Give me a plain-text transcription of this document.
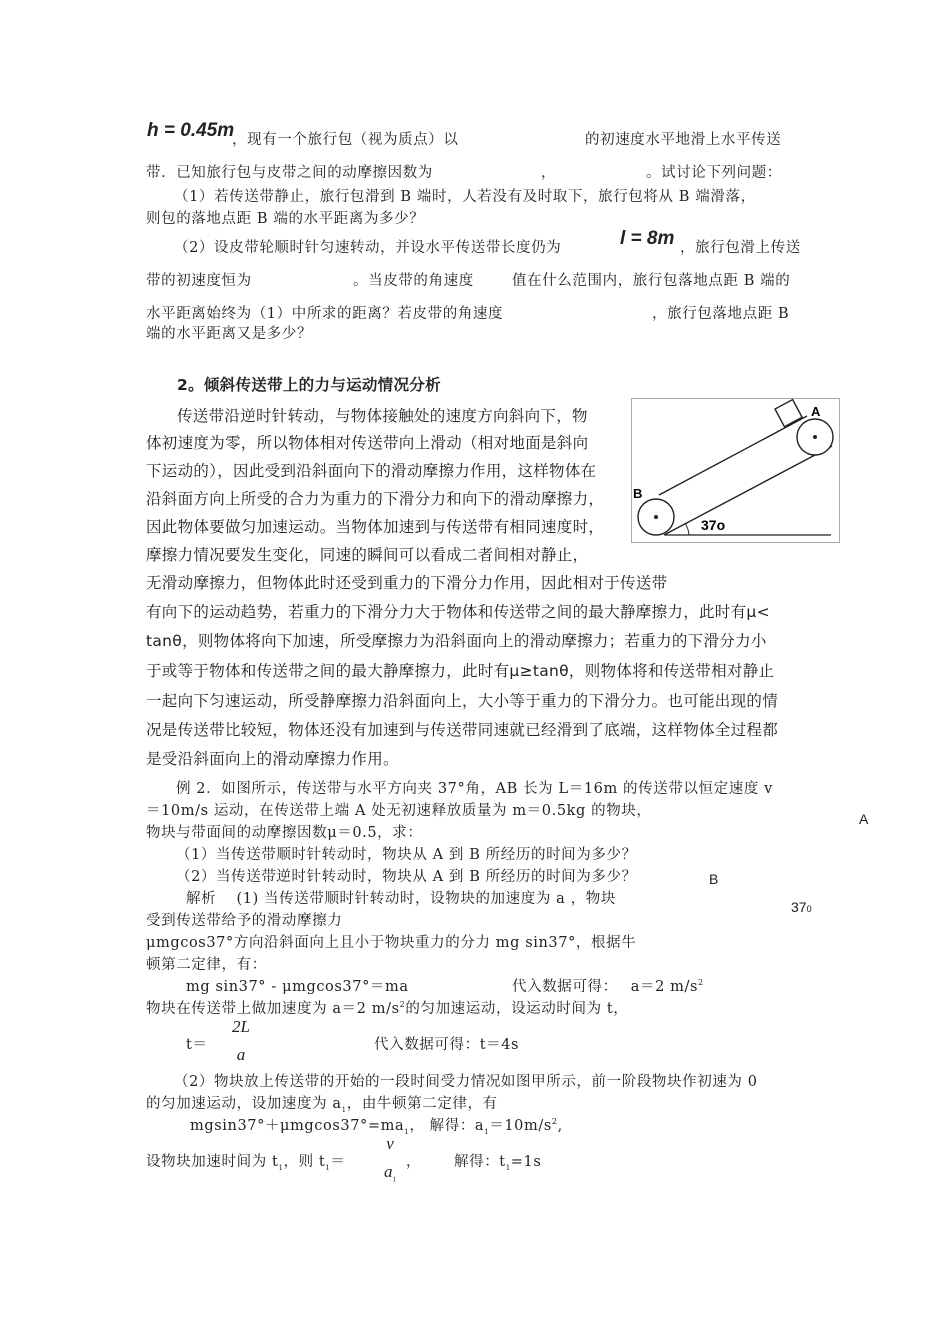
h = 0.45m
，现有一个旅行包（视为质点）以	的初速度水平地滑上水平传送
带．已知旅行包与皮带之间的动摩擦因数为	，	。试讨论下列问题：
（1）若传送带静止，旅行包滑到 B 端时，人若没有及时取下，旅行包将从 B 端滑落，
则包的落地点距 B 端的水平距离为多少？
（2）设皮带轮顺时针匀速转动，并设水平传送带长度仍为	l = 8m ，旅行包滑上传送
带的初速度恒为	。当皮带的角速度	值在什么范围内，旅行包落地点距 B 端的
水平距离始终为（1）中所求的距离？若皮带的角速度	，旅行包落地点距 B
端的水平距离又是多少？
2。倾斜传送带上的力与运动情况分析
传送带沿逆时针转动，与物体接触处的速度方向斜向下，物
体初速度为零，所以物体相对传送带向上滑动（相对地面是斜向
下运动的），因此受到沿斜面向下的滑动摩擦力作用，这样物体在
沿斜面方向上所受的合力为重力的下滑分力和向下的滑动摩擦力，
因此物体要做匀加速运动。当物体加速到与传送带有相同速度时，
摩擦力情况要发生变化，同速的瞬间可以看成二者间相对静止，
无滑动摩擦力，但物体此时还受到重力的下滑分力作用，因此相对于传送带
有向下的运动趋势，若重力的下滑分力大于物体和传送带之间的最大静摩擦力，此时有μ<
tanθ，则物体将向下加速，所受摩擦力为沿斜面向上的滑动摩擦力；若重力的下滑分力小
于或等于物体和传送带之间的最大静摩擦力，此时有μ≥tanθ，则物体将和传送带相对静止
一起向下匀速运动，所受静摩擦力沿斜面向上，大小等于重力的下滑分力。也可能出现的情
况是传送带比较短，物体还没有加速到与传送带同速就已经滑到了底端，这样物体全过程都
是受沿斜面向上的滑动摩擦力作用。
A
B
37o
例 2．如图所示，传送带与水平方向夹 37°角，AB 长为 L＝16m 的传送带以恒定速度 v
＝10m/s 运动，在传送带上端 A 处无初速释放质量为 m＝0.5kg 的物块，
物块与带面间的动摩擦因数μ＝0.5，求：
（1）当传送带顺时针转动时，物块从 A 到 B 所经历的时间为多少？
（2）当传送带逆时针转动时，物块从 A 到 B 所经历的时间为多少？
解析　 (1) 当传送带顺时针转动时，设物块的加速度为 a ，物块
受到传送带给予的滑动摩擦力
μmgcos37°方向沿斜面向上且小于物块重力的分力 mg sin37°，根据牛
顿第二定律，有：
mg sin37° - μmgcos37°＝ma	代入数据可得：　 a＝2 $m/s^2$
物块在传送带上做加速度为 a＝2 $m/s^2$的匀加速运动，设运动时间为 t，
t＝
2L
a	代入数据可得：t＝4s
（2）物块放上传送带的开始的一段时间受力情况如图甲所示，前一阶段物块作初速为 0
的匀加速运动，设加速度为 $a_1$，由牛顿第二定律，有
$mgsin37^\circ+\mu mgcos37^\circ=ma_1$， 解得：$a_1=10m/s^2$,
设物块加速时间为 $t_1$，则 $t_1=$
v
$a_1$
， 解得：$t_1=1s$
A
B
370
